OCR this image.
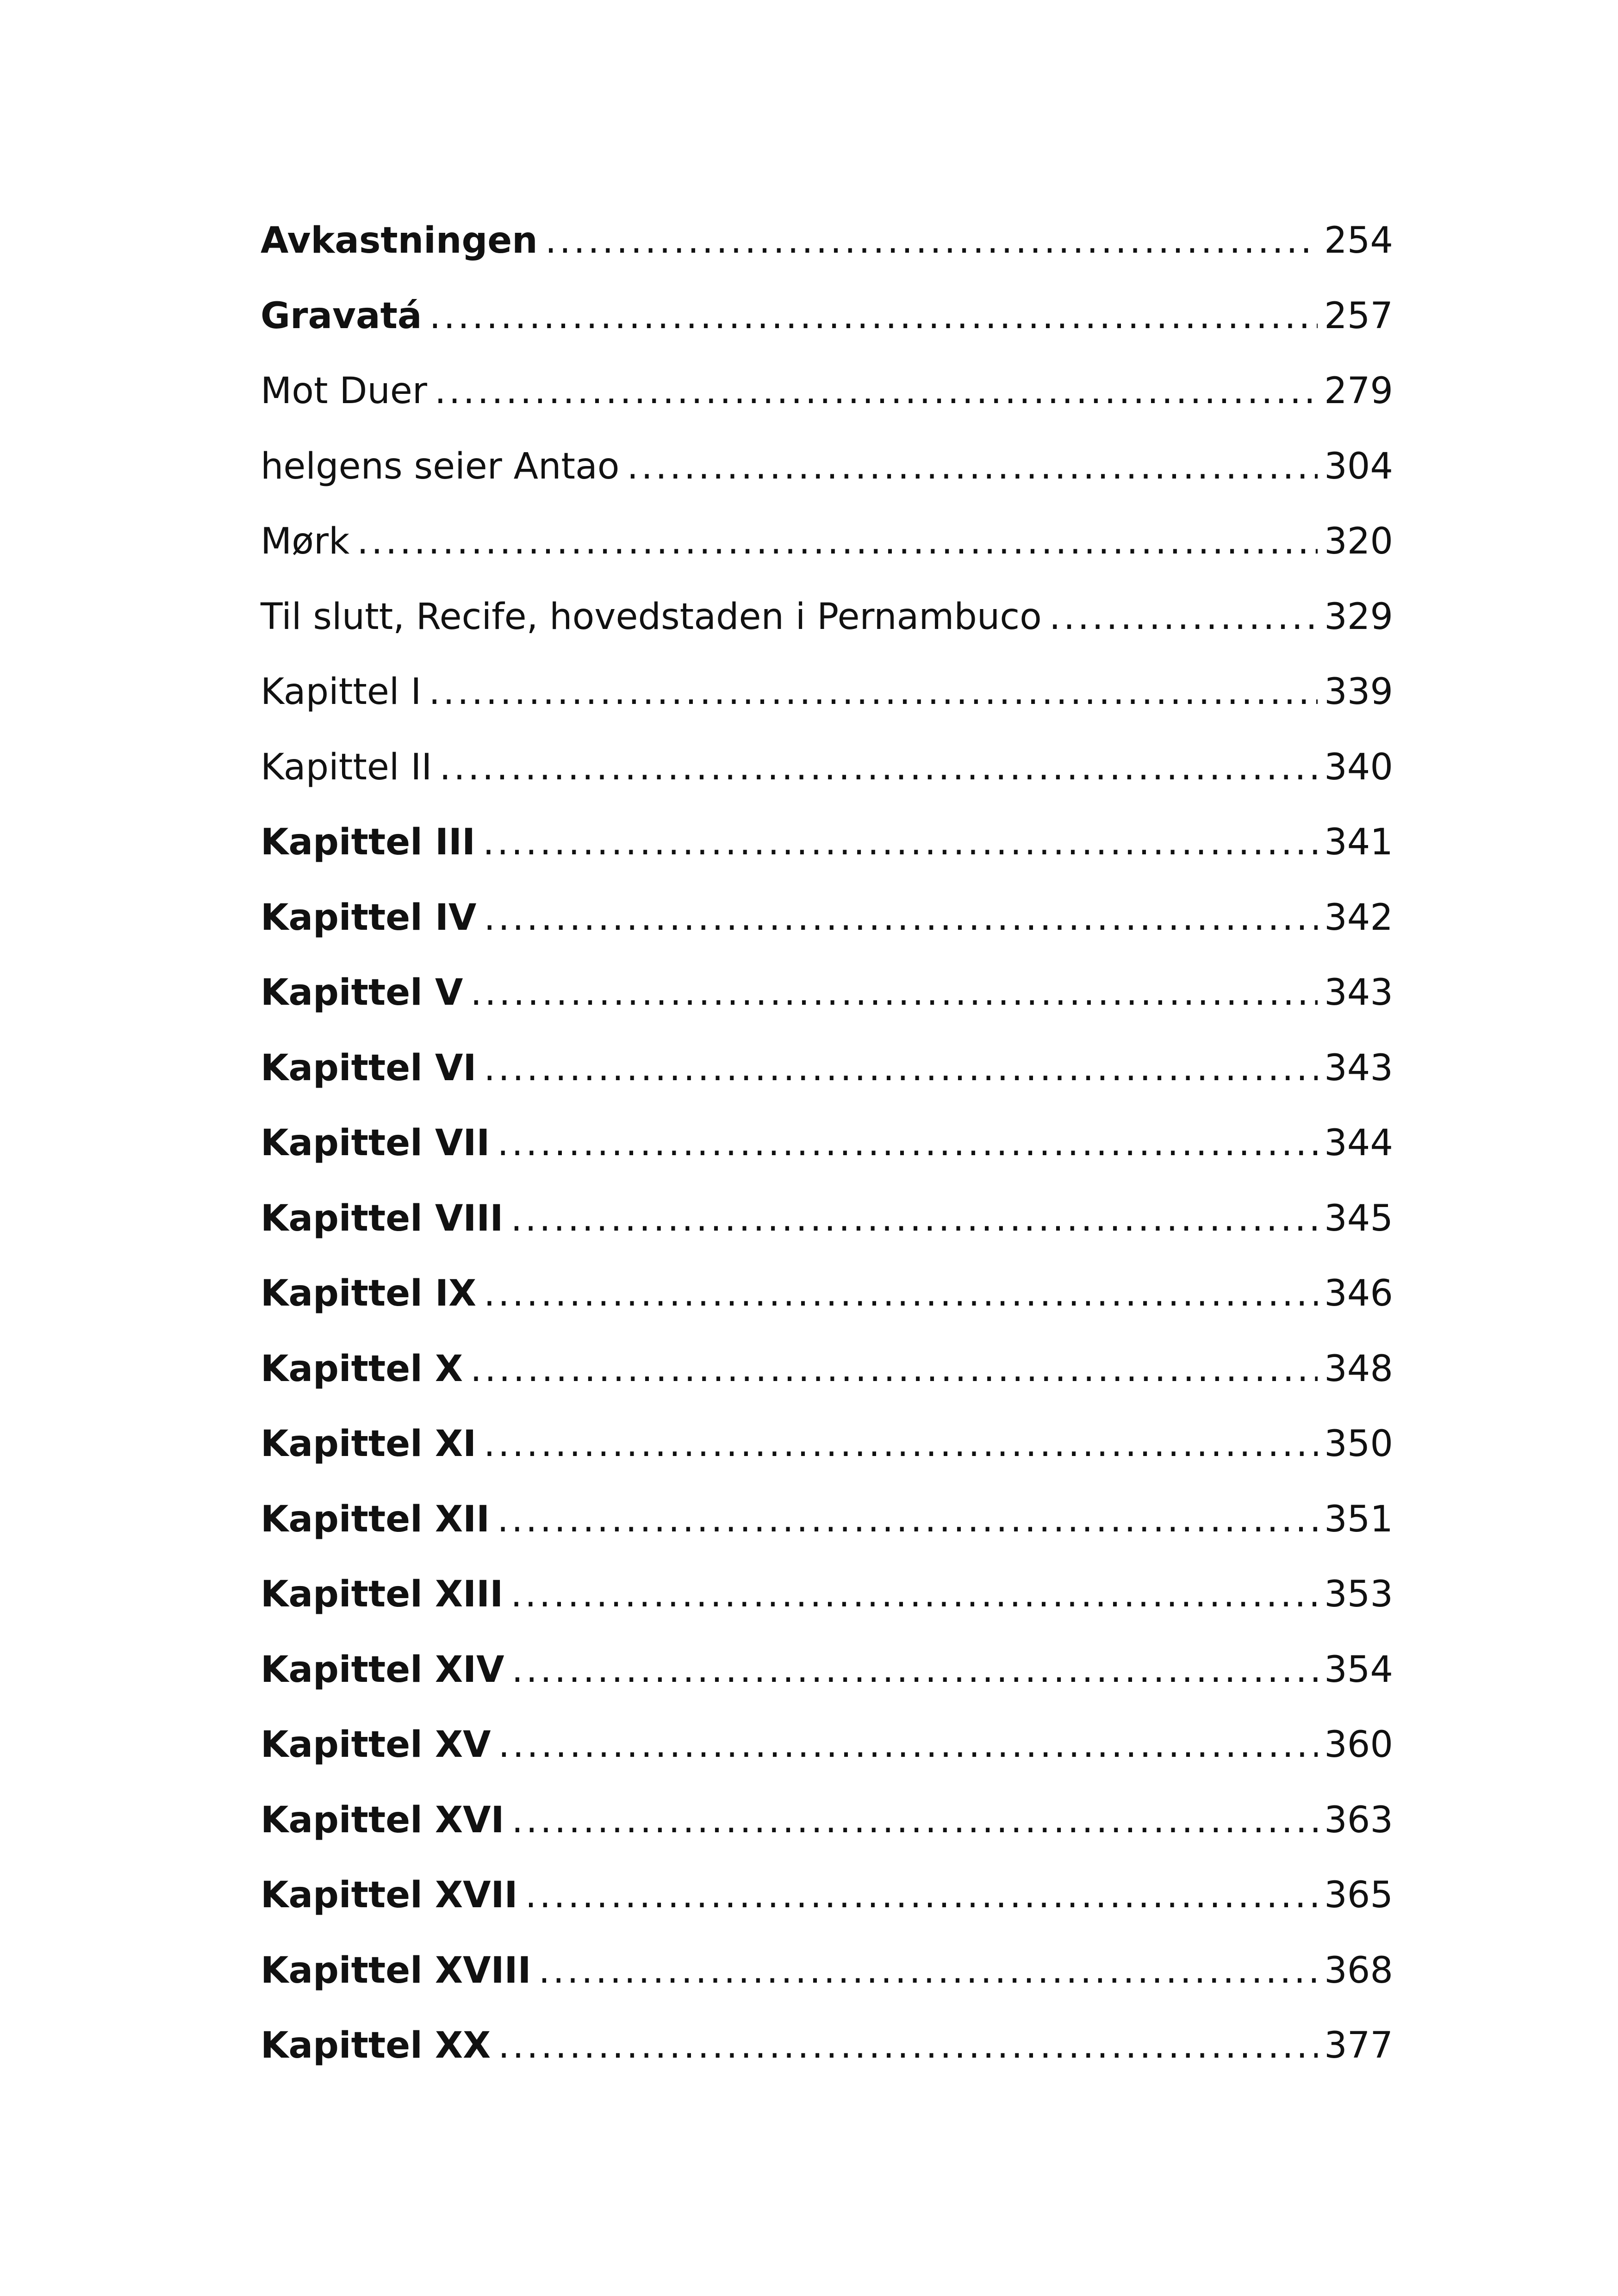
Avkastningen .....	254
Gravatá .....	257
Mot Duer .....	279
helgens seier Antao .....	304
Mørk .....	320
Til slutt, Recife, hovedstaden i Pernambuco .....	329
Kapittel I .....	339
Kapittel II .....	340
Kapittel III .....	341
Kapittel IV .....	342
Kapittel V .....	343
Kapittel VI .....	343
Kapittel VII .....	344
Kapittel VIII .....	345
Kapittel IX .....	346
Kapittel X .....	348
Kapittel XI .....	350
Kapittel XII .....	351
Kapittel XIII .....	353
Kapittel XIV .....	354
Kapittel XV .....	360
Kapittel XVI .....	363
Kapittel XVII .....	365
Kapittel XVIII .....	368
Kapittel XX .....	377
